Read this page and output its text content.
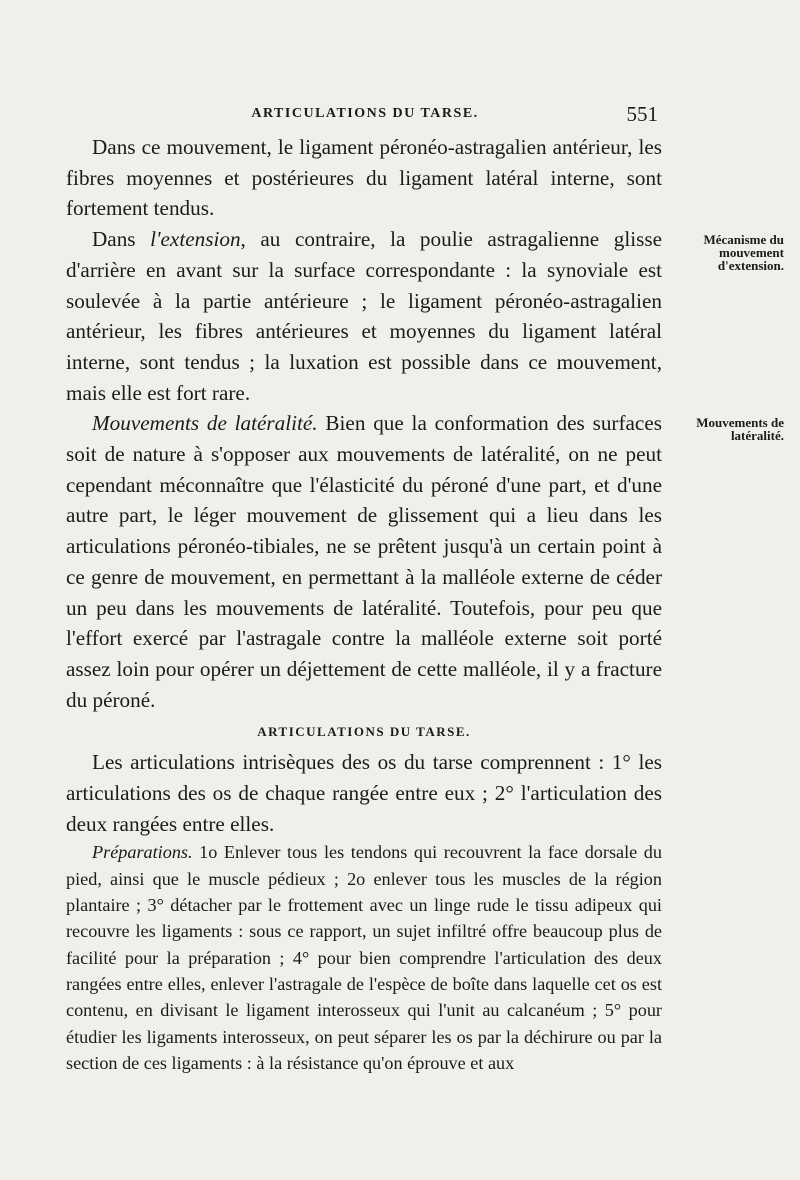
ARTICULATIONS DU TARSE.	551

Dans ce mouvement, le ligament péronéo-astragalien antérieur, les fibres moyennes et postérieures du ligament latéral interne, sont fortement tendus.

Dans l'extension, au contraire, la poulie astragalienne glisse d'arrière en avant sur la surface correspondante : la synoviale est soulevée à la partie antérieure ; le ligament péronéo-astragalien antérieur, les fibres antérieures et moyennes du ligament latéral interne, sont tendus ; la luxation est possible dans ce mouvement, mais elle est fort rare.

Mouvements de latéralité. Bien que la conformation des surfaces soit de nature à s'opposer aux mouvements de latéralité, on ne peut cependant méconnaître que l'élasticité du péroné d'une part, et d'une autre part, le léger mouvement de glissement qui a lieu dans les articulations péronéo-tibiales, ne se prêtent jusqu'à un certain point à ce genre de mouvement, en permettant à la malléole externe de céder un peu dans les mouvements de latéralité. Toutefois, pour peu que l'effort exercé par l'astragale contre la malléole externe soit porté assez loin pour opérer un déjettement de cette malléole, il y a fracture du péroné.

ARTICULATIONS DU TARSE.

Les articulations intrisèques des os du tarse comprennent : 1° les articulations des os de chaque rangée entre eux ; 2° l'articulation des deux rangées entre elles.

Préparations. 1o Enlever tous les tendons qui recouvrent la face dorsale du pied, ainsi que le muscle pédieux ; 2o enlever tous les muscles de la région plantaire ; 3° détacher par le frottement avec un linge rude le tissu adipeux qui recouvre les ligaments : sous ce rapport, un sujet infiltré offre beaucoup plus de facilité pour la préparation ; 4° pour bien comprendre l'articulation des deux rangées entre elles, enlever l'astragale de l'espèce de boîte dans laquelle cet os est contenu, en divisant le ligament interosseux qui l'unit au calcanéum ; 5° pour étudier les ligaments interosseux, on peut séparer les os par la déchirure ou par la section de ces ligaments : à la résistance qu'on éprouve et aux

Mécanisme du mouvement d'extension.
Mouvements de latéralité.
